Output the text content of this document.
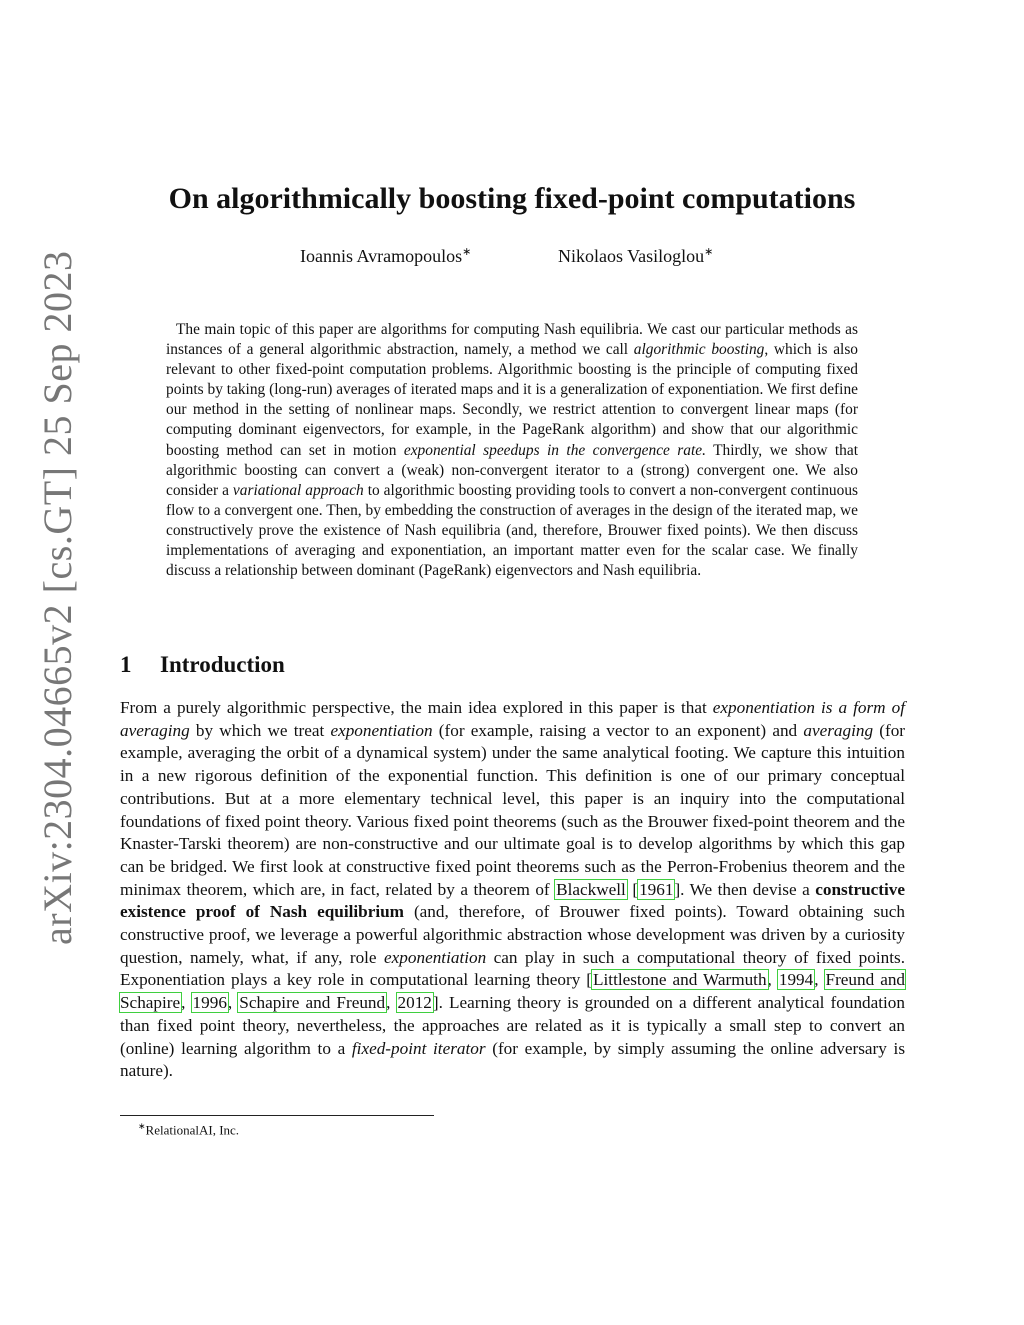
arXiv:2304.04665v2 [cs.GT] 25 Sep 2023
On algorithmically boosting fixed-point computations
Ioannis Avramopoulos∗	Nikolaos Vasiloglou∗
The main topic of this paper are algorithms for computing Nash equilibria. We cast our particular methods as instances of a general algorithmic abstraction, namely, a method we call algorithmic boosting, which is also relevant to other fixed-point computation problems. Algorithmic boosting is the principle of computing fixed points by taking (long-run) averages of iterated maps and it is a generalization of exponentiation. We first define our method in the setting of nonlinear maps. Secondly, we restrict attention to convergent linear maps (for computing dominant eigenvectors, for example, in the PageRank algorithm) and show that our algorithmic boosting method can set in motion exponential speedups in the convergence rate. Thirdly, we show that algorithmic boosting can convert a (weak) non-convergent iterator to a (strong) convergent one. We also consider a variational approach to algorithmic boosting providing tools to convert a non-convergent continuous flow to a convergent one. Then, by embedding the construction of averages in the design of the iterated map, we constructively prove the existence of Nash equilibria (and, therefore, Brouwer fixed points). We then discuss implementations of averaging and exponentiation, an important matter even for the scalar case. We finally discuss a relationship between dominant (PageRank) eigenvectors and Nash equilibria.
1 Introduction
From a purely algorithmic perspective, the main idea explored in this paper is that exponentiation is a form of averaging by which we treat exponentiation (for example, raising a vector to an exponent) and averaging (for example, averaging the orbit of a dynamical system) under the same analytical footing. We capture this intuition in a new rigorous definition of the exponential function. This definition is one of our primary conceptual contributions. But at a more elementary technical level, this paper is an inquiry into the computational foundations of fixed point theory. Various fixed point theorems (such as the Brouwer fixed-point theorem and the Knaster-Tarski theorem) are non-constructive and our ultimate goal is to develop algorithms by which this gap can be bridged. We first look at constructive fixed point theorems such as the Perron-Frobenius theorem and the minimax theorem, which are, in fact, related by a theorem of Blackwell [1961]. We then devise a constructive existence proof of Nash equilibrium (and, therefore, of Brouwer fixed points). Toward obtaining such constructive proof, we leverage a powerful algorithmic abstraction whose development was driven by a curiosity question, namely, what, if any, role exponentiation can play in such a computational theory of fixed points. Exponentiation plays a key role in computational learning theory [Littlestone and Warmuth, 1994, Freund and Schapire, 1996, Schapire and Freund, 2012]. Learning theory is grounded on a different analytical foundation than fixed point theory, nevertheless, the approaches are related as it is typically a small step to convert an (online) learning algorithm to a fixed-point iterator (for example, by simply assuming the online adversary is nature).
∗RelationalAI, Inc.
